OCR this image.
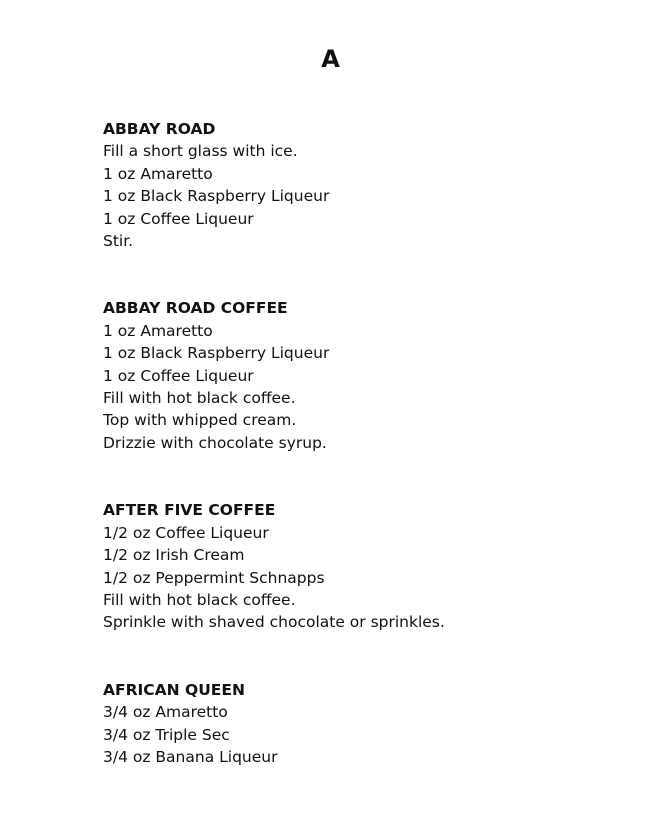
A

ABBAY ROAD

Fill a short glass with ice.

1 oz Amaretto

1 oz Black Raspberry Liqueur

1 oz Coffee Liqueur

Stir.

ABBAY ROAD COFFEE

1 oz Amaretto

1 oz Black Raspberry Liqueur

1 oz Coffee Liqueur

Fill with hot black coffee.

Top with whipped cream.

Drizzie with chocolate syrup.

AFTER FIVE COFFEE

1/2 oz Coffee Liqueur

1/2 oz Irish Cream

1/2 oz Peppermint Schnapps

Fill with hot black coffee.

Sprinkle with shaved chocolate or sprinkles.

AFRICAN QUEEN

3/4 oz Amaretto

3/4 oz Triple Sec

3/4 oz Banana Liqueur
